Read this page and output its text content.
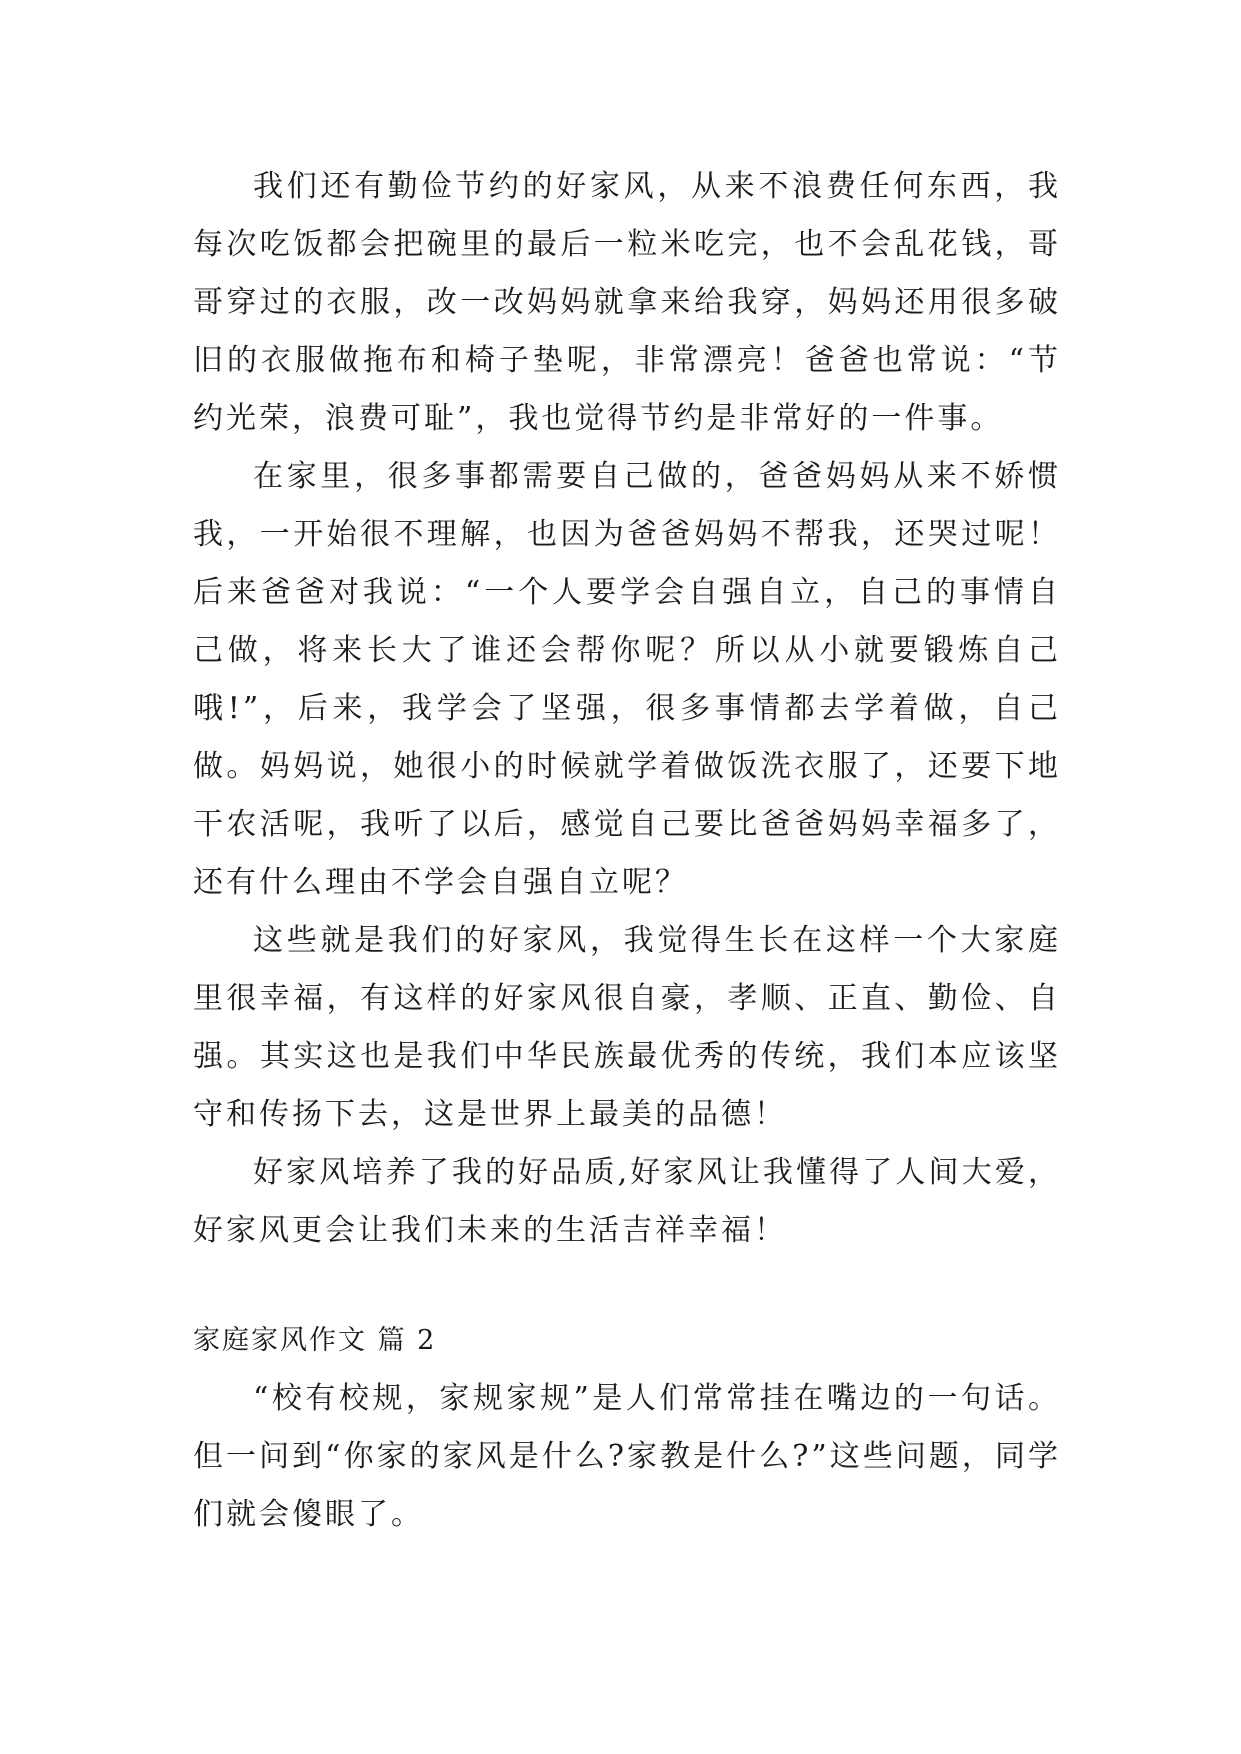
我们还有勤俭节约的好家风，从来不浪费任何东西，我每次吃饭都会把碗里的最后一粒米吃完，也不会乱花钱，哥哥穿过的衣服，改一改妈妈就拿来给我穿，妈妈还用很多破旧的衣服做拖布和椅子垫呢，非常漂亮！爸爸也常说：“节约光荣，浪费可耻”，我也觉得节约是非常好的一件事。

在家里，很多事都需要自己做的，爸爸妈妈从来不娇惯我，一开始很不理解，也因为爸爸妈妈不帮我，还哭过呢！后来爸爸对我说：“一个人要学会自强自立，自己的事情自己做，将来长大了谁还会帮你呢？所以从小就要锻炼自己哦!”，后来，我学会了坚强，很多事情都去学着做，自己做。妈妈说，她很小的时候就学着做饭洗衣服了，还要下地干农活呢，我听了以后，感觉自己要比爸爸妈妈幸福多了，还有什么理由不学会自强自立呢？

这些就是我们的好家风，我觉得生长在这样一个大家庭里很幸福，有这样的好家风很自豪，孝顺、正直、勤俭、自强。其实这也是我们中华民族最优秀的传统，我们本应该坚守和传扬下去，这是世界上最美的品德！

好家风培养了我的好品质,好家风让我懂得了人间大爱，好家风更会让我们未来的生活吉祥幸福！

家庭家风作文 篇 2

“校有校规，家规家规”是人们常常挂在嘴边的一句话。但一问到“你家的家风是什么?家教是什么?”这些问题，同学们就会傻眼了。
